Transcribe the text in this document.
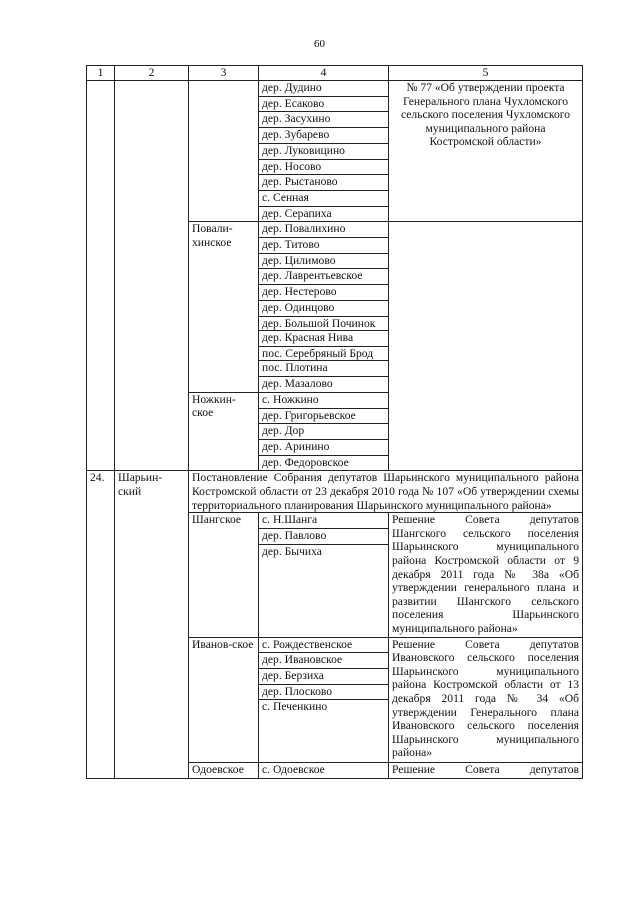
60
1	2	3	4	5
			дер. Дудино	№ 77 «Об утверждении проекта Генерального плана Чухломского сельского поселения Чухломского муниципального района Костромской области»
			дер. Есаково	
			дер. Засухино	
			дер. Зубарево	
			дер. Луковицино	
			дер. Носово	
			дер. Рыстаново	
			с. Сенная	
			дер. Серапиха	
		Повали-хинское	дер. Повалихино	
			дер. Титово	
			дер. Цилимово	
			дер. Лаврентьевское	
			дер. Нестерово	
			дер. Одинцово	
			дер. Большой Починок	
			дер. Красная Нива	
			пос. Серебряный Брод	
			пос. Плотина	
			дер. Мазалово	
		Ножкин-ское	с. Ножкино	
			дер. Григорьевское	
			дер. Дор	
			дер. Аринино	
			дер. Федоровское	
24.	Шарьин-ский	Постановление Собрания депутатов Шарьинского муниципального района Костромской области от 23 декабря 2010 года № 107 «Об утверждении схемы территориального планирования Шарьинского муниципального района»		
		Шангское	с. Н.Шанга	Решение Совета депутатов Шангского сельского поселения Шарьинского муниципального района Костромской области от 9 декабря 2011 года № 38а «Об утверждении генерального плана и развитии Шангского сельского поселения Шарьинского муниципального района»
			дер. Павлово	
			дер. Бычиха	
		Иванов-ское	с. Рождественское	Решение Совета депутатов Ивановского сельского поселения Шарьинского муниципального района Костромской области от 13 декабря 2011 года № 34 «Об утверждении Генерального плана Ивановского сельского поселения Шарьинского муниципального района»
			дер. Ивановское	
			дер. Берзиха	
			дер. Плосково	
			с. Печенкино	
		Одоевское	с. Одоевское	Решение Совета депутатов
